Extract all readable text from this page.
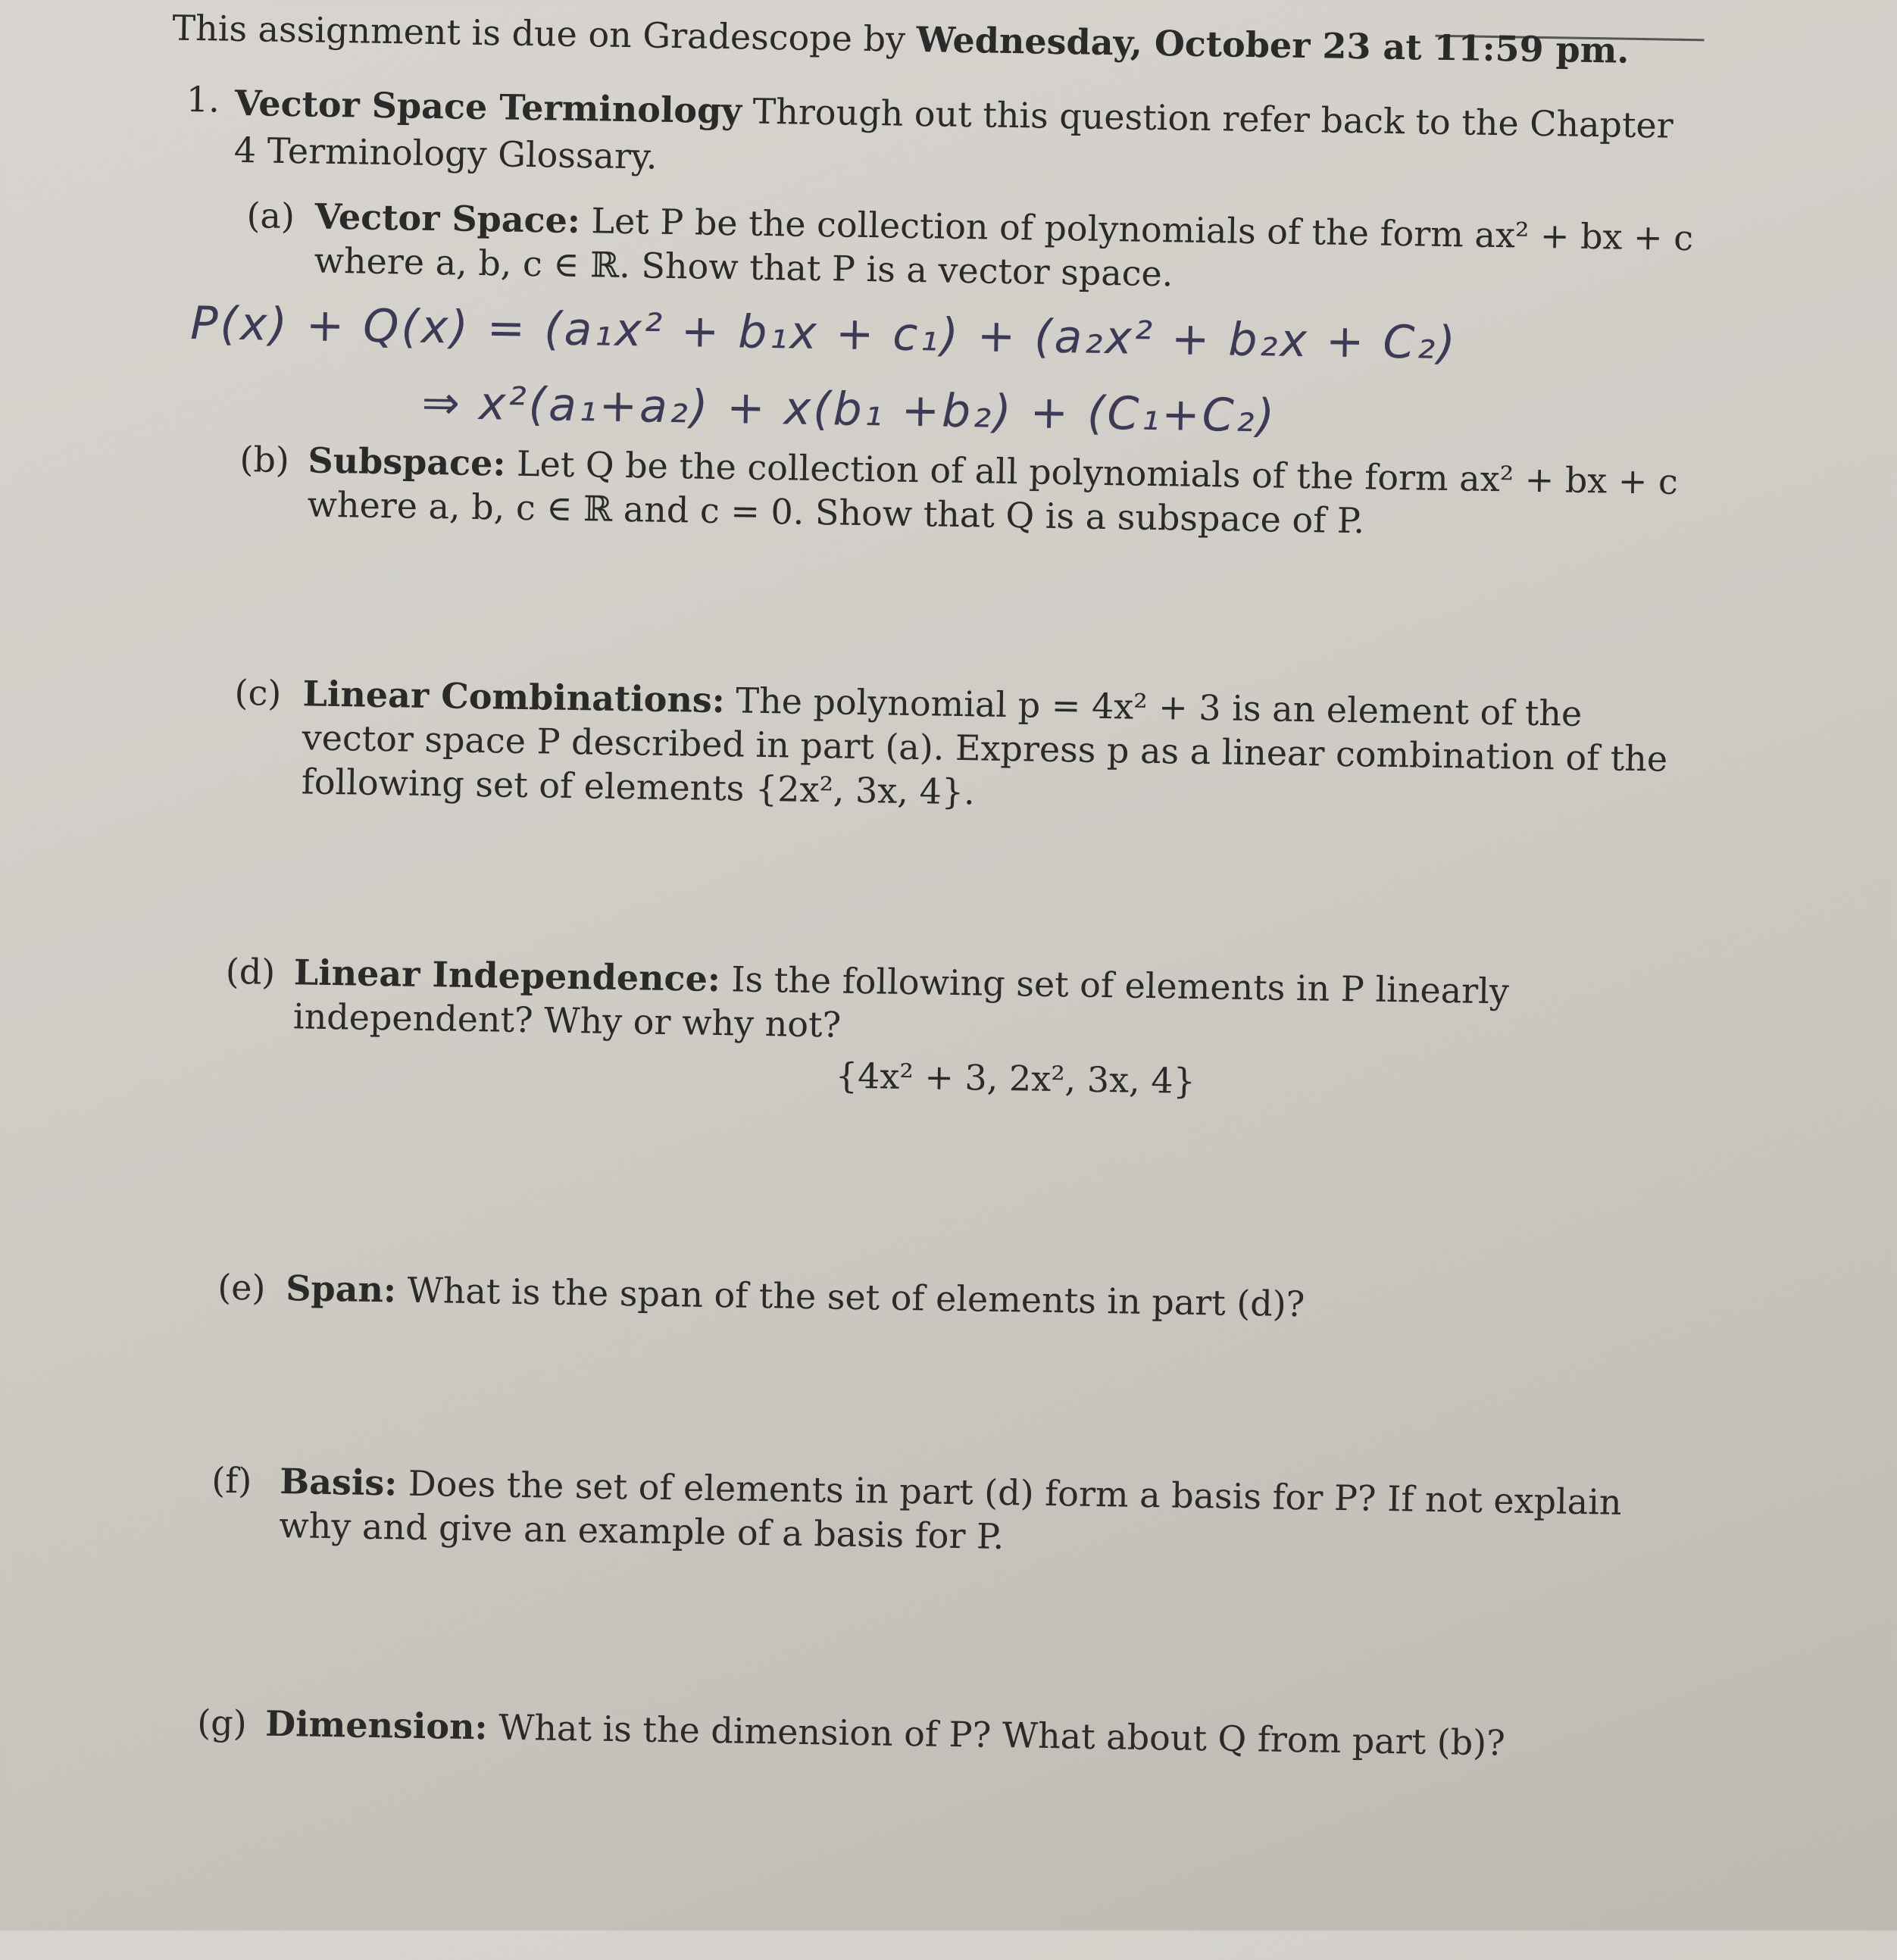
This assignment is due on Gradescope by Wednesday, October 23 at 11:59 pm.
1. Vector Space Terminology Through out this question refer back to the Chapter 4 Terminology Glossary.
(a) Vector Space: Let P be the collection of polynomials of the form ax² + bx + c where a, b, c ∈ ℝ. Show that P is a vector space.
P(x) + Q(x) = (a₁x² + b₁x + c₁) + (a₂x² + b₂x + C₂)
⇒ x²(a₁+a₂) + x(b₁ +b₂) + (C₁+C₂)
(b) Subspace: Let Q be the collection of all polynomials of the form ax² + bx + c where a, b, c ∈ ℝ and c = 0. Show that Q is a subspace of P.
(c) Linear Combinations: The polynomial p = 4x² + 3 is an element of the vector space P described in part (a). Express p as a linear combination of the following set of elements {2x², 3x, 4}.
(d) Linear Independence: Is the following set of elements in P linearly independent? Why or why not?
{4x² + 3, 2x², 3x, 4}
(e) Span: What is the span of the set of elements in part (d)?
(f) Basis: Does the set of elements in part (d) form a basis for P? If not explain why and give an example of a basis for P.
(g) Dimension: What is the dimension of P? What about Q from part (b)?
